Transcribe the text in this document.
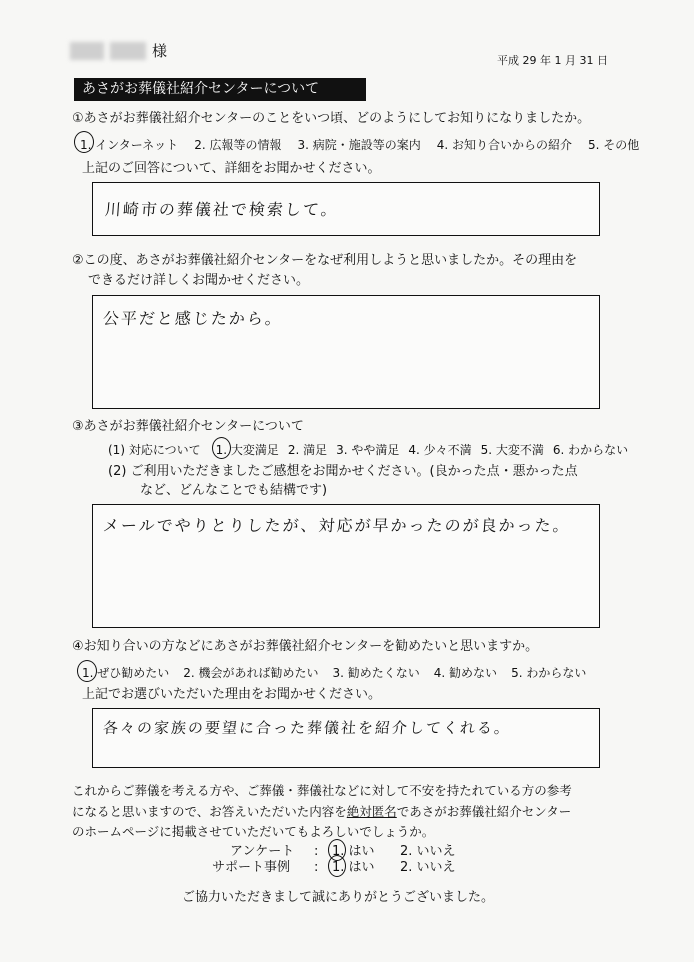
様
平成 29 年 1 月 31 日
あさがお葬儀社紹介センターについて
①あさがお葬儀社紹介センターのことをいつ頃、どのようにしてお知りになりましたか。
1. インターネット 2. 広報等の情報 3. 病院・施設等の案内 4. お知り合いからの紹介 5. その他
上記のご回答について、詳細をお聞かせください。
川崎市の葬儀社で検索して。
②この度、あさがお葬儀社紹介センターをなぜ利用しようと思いましたか。その理由を
できるだけ詳しくお聞かせください。
公平だと感じたから。
③あさがお葬儀社紹介センターについて
(1) 対応について 1. 大変満足 2. 満足 3. やや満足 4. 少々不満 5. 大変不満 6. わからない
(2) ご利用いただきましたご感想をお聞かせください。(良かった点・悪かった点
など、どんなことでも結構です)
メールでやりとりしたが、対応が早かったのが良かった。
④お知り合いの方などにあさがお葬儀社紹介センターを勧めたいと思いますか。
1. ぜひ勧めたい 2. 機会があれば勧めたい 3. 勧めたくない 4. 勧めない 5. わからない
上記でお選びいただいた理由をお聞かせください。
各々の家族の要望に合った葬儀社を紹介してくれる。
これからご葬儀を考える方や、ご葬儀・葬儀社などに対して不安を持たれている方の参考
になると思いますので、お答えいただいた内容を絶対匿名であさがお葬儀社紹介センター
のホームページに掲載させていただいてもよろしいでしょうか。
アンケート : 1. はい 2. いいえ
サポート事例 : 1. はい 2. いいえ
ご協力いただきまして誠にありがとうございました。
